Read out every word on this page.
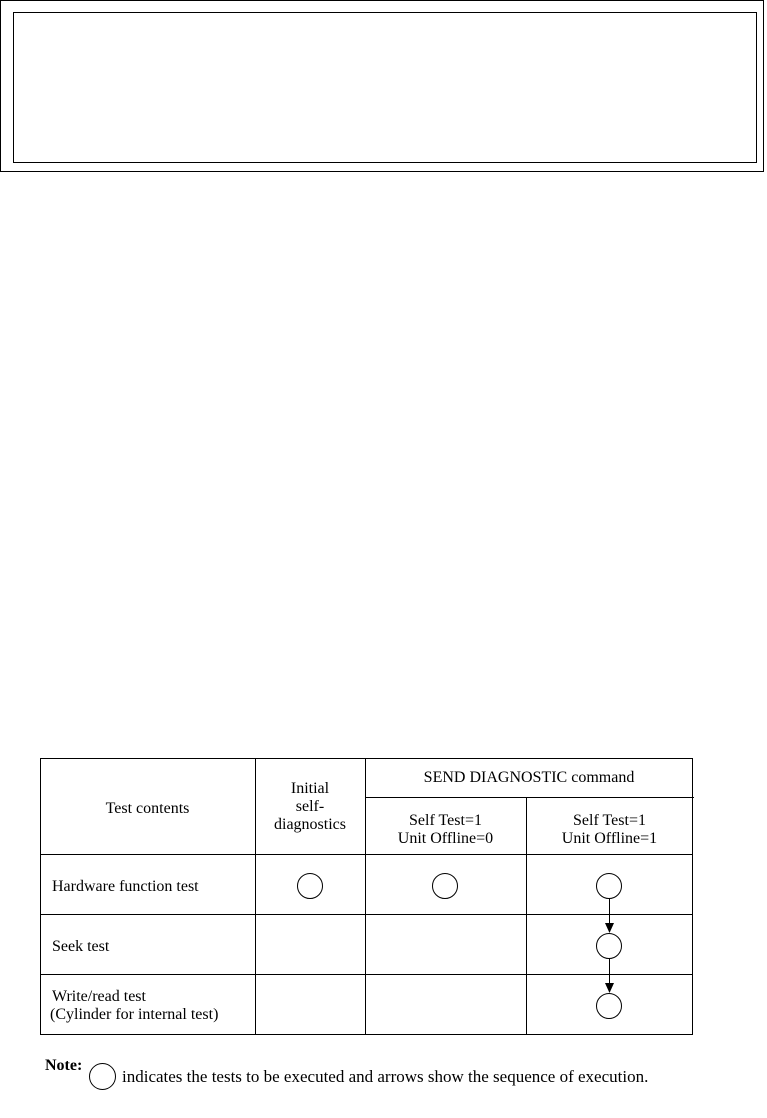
Test contents
Initial
self-
diagnostics
SEND DIAGNOSTIC command
Self Test=1
Unit Offline=0
Self Test=1
Unit Offline=1
Hardware function test
Seek test
Write/read test
(Cylinder for internal test)
Note:
indicates the tests to be executed and arrows show the sequence of execution.
